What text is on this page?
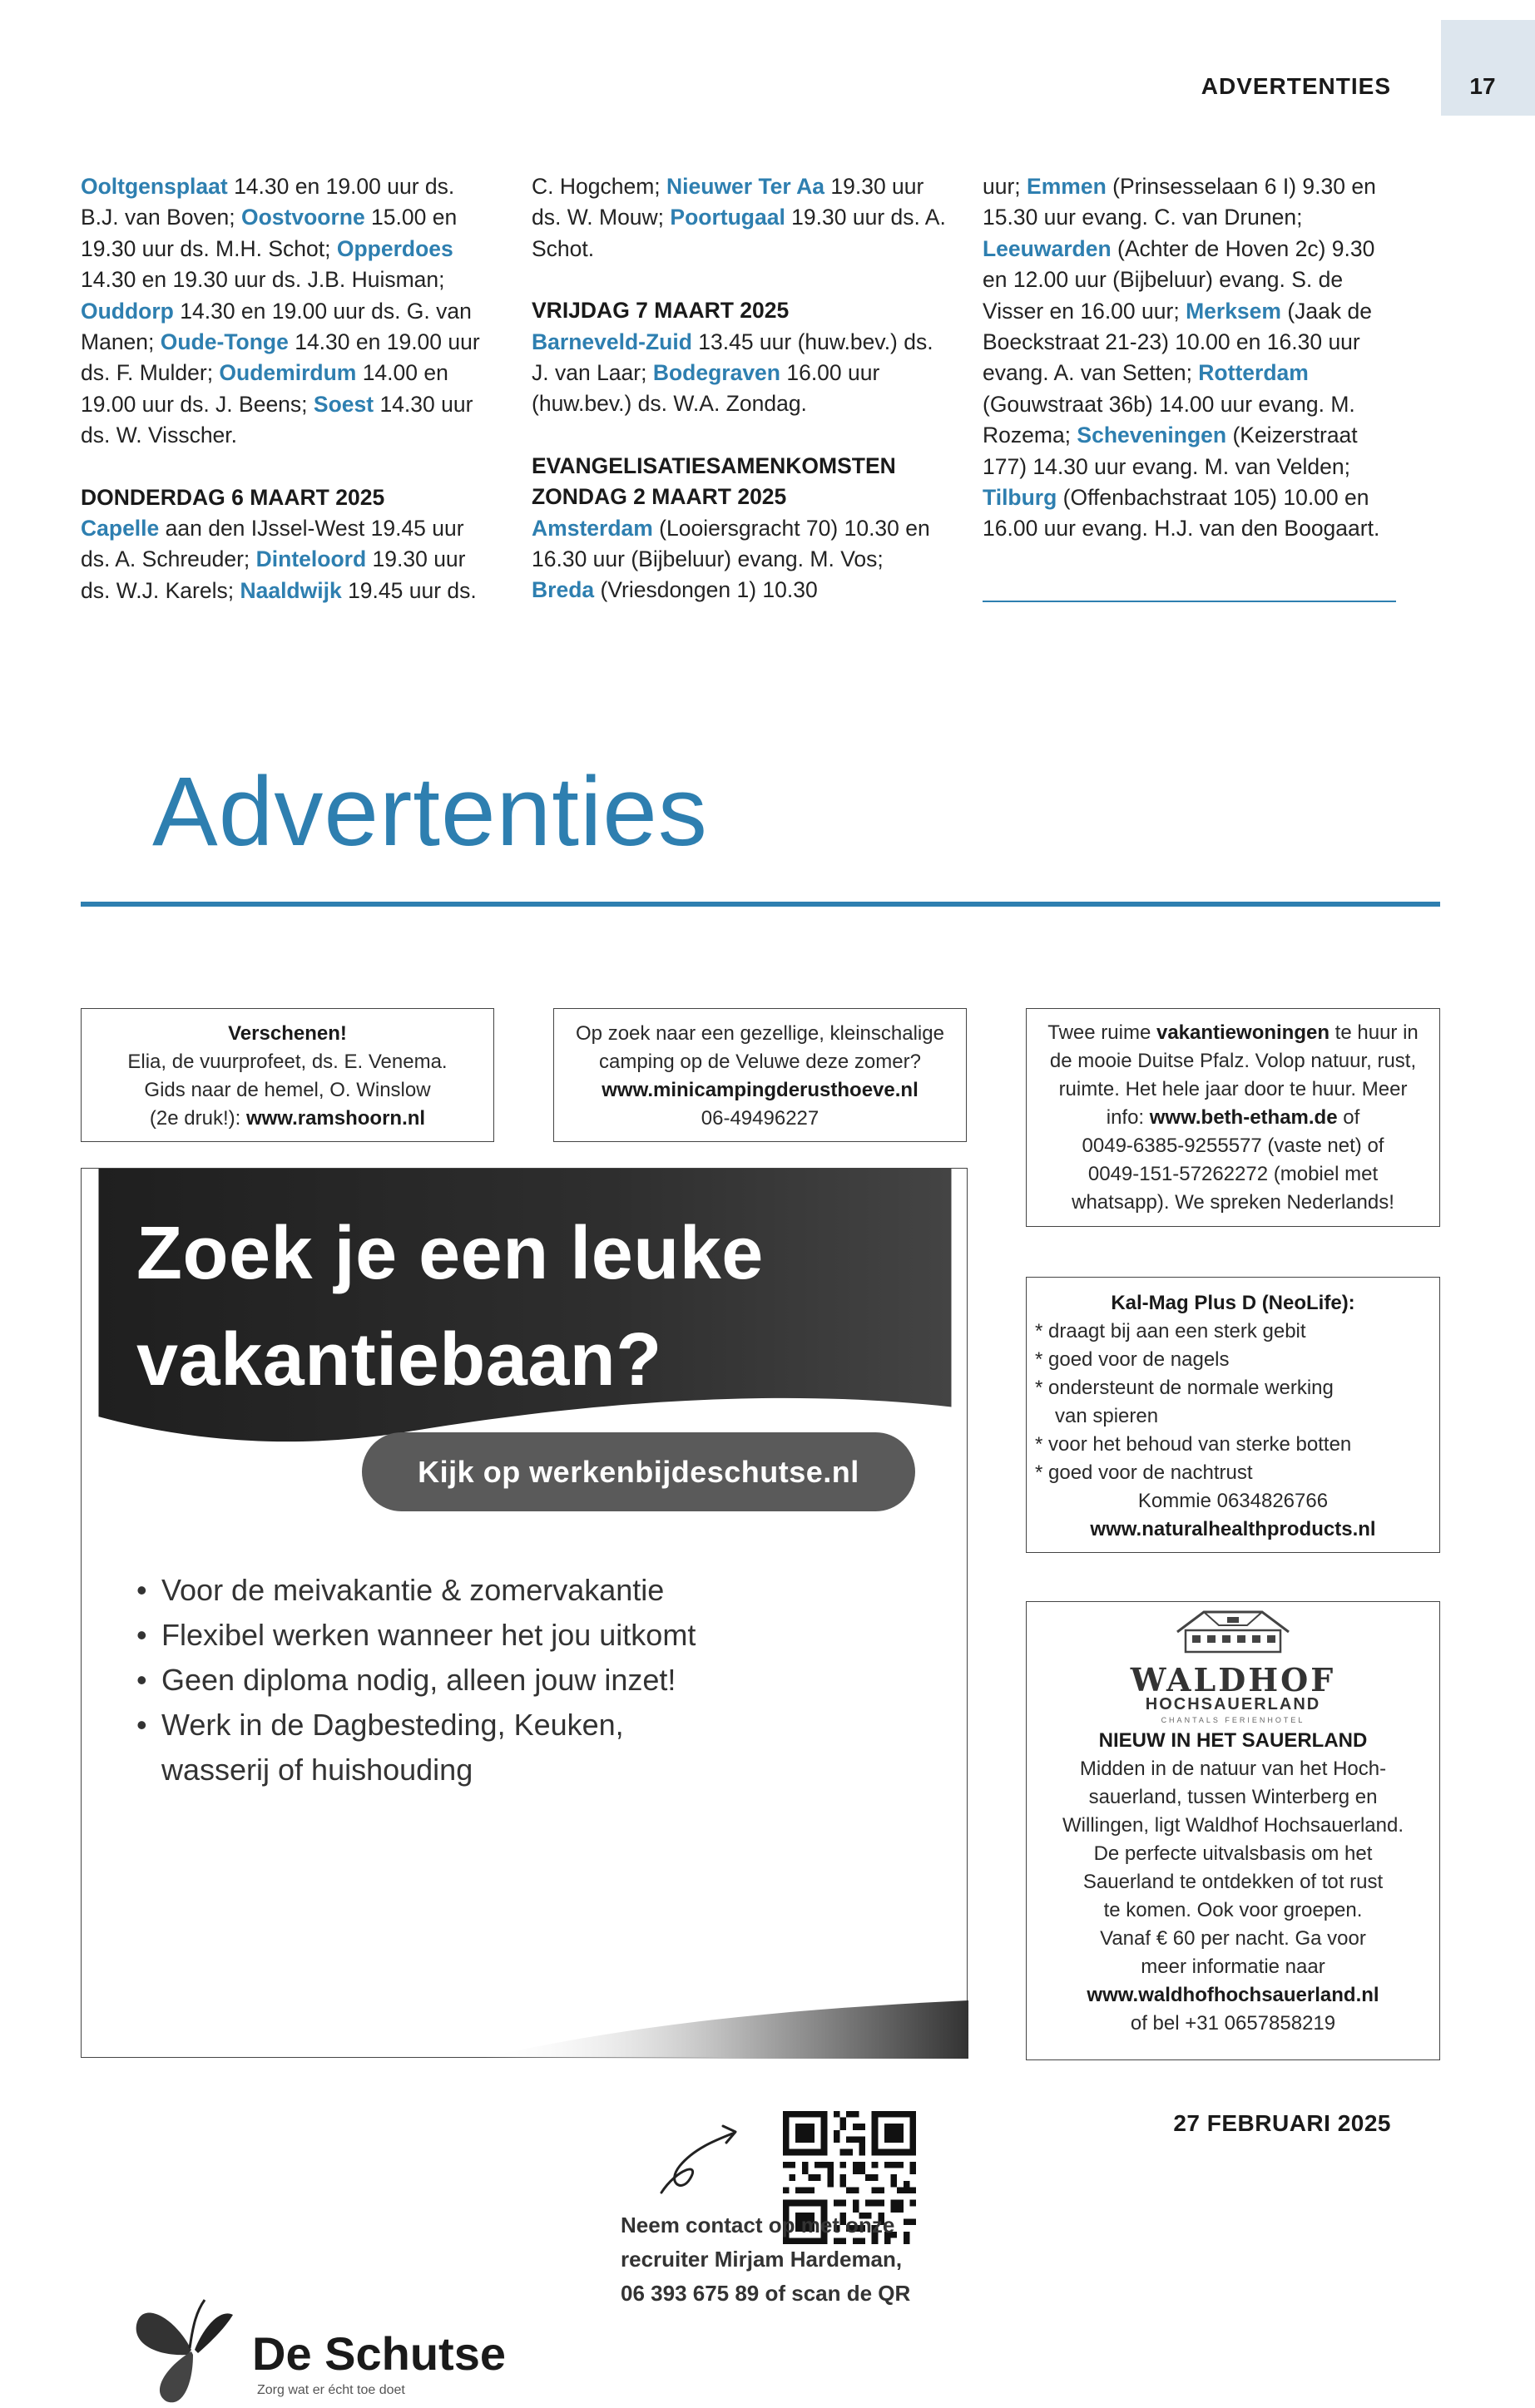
17
ADVERTENTIES

Ooltgensplaat 14.30 en 19.00 uur ds. B.J. van Boven; Oostvoorne 15.00 en 19.30 uur ds. M.H. Schot; Opperdoes 14.30 en 19.30 uur ds. J.B. Huisman; Ouddorp 14.30 en 19.00 uur ds. G. van Manen; Oude-Tonge 14.30 en 19.00 uur ds. F. Mulder; Oudemirdum 14.00 en 19.00 uur ds. J. Beens; Soest 14.30 uur ds. W. Visscher.

DONDERDAG 6 MAART 2025

Capelle aan den IJssel-West 19.45 uur ds. A. Schreuder; Dinteloord 19.30 uur ds. W.J. Karels; Naaldwijk 19.45 uur ds.

C. Hogchem; Nieuwer Ter Aa 19.30 uur ds. W. Mouw; Poortugaal 19.30 uur ds. A. Schot.

VRIJDAG 7 MAART 2025

Barneveld-Zuid 13.45 uur (huw.bev.) ds. J. van Laar; Bodegraven 16.00 uur (huw.bev.) ds. W.A. Zondag.

EVANGELISATIESAMENKOMSTEN ZONDAG 2 MAART 2025

Amsterdam (Looiersgracht 70) 10.30 en 16.30 uur (Bijbeluur) evang. M. Vos; Breda (Vriesdongen 1) 10.30

uur; Emmen (Prinsesselaan 6 I) 9.30 en 15.30 uur evang. C. van Drunen; Leeuwarden (Achter de Hoven 2c) 9.30 en 12.00 uur (Bijbeluur) evang. S. de Visser en 16.00 uur; Merksem (Jaak de Boeckstraat 21-23) 10.00 en 16.30 uur evang. A. van Setten; Rotterdam (Gouwstraat 36b) 14.00 uur evang. M. Rozema; Scheveningen (Keizerstraat 177) 14.30 uur evang. M. van Velden; Tilburg (Offenbachstraat 105) 10.00 en 16.00 uur evang. H.J. van den Boogaart.

Advertenties
Verschenen!
Elia, de vuurprofeet, ds. E. Venema.
Gids naar de hemel, O. Winslow
(2e druk!): www.ramshoorn.nl
Op zoek naar een gezellige, kleinschalige
camping op de Veluwe deze zomer?
www.minicampingderusthoeve.nl
06-49496227
Twee ruime vakantiewoningen te huur in
de mooie Duitse Pfalz. Volop natuur, rust,
ruimte. Het hele jaar door te huur. Meer
info: www.beth-etham.de of
0049-6385-9255577 (vaste net) of
0049-151-57262272 (mobiel met
whatsapp). We spreken Nederlands!
Kal-Mag Plus D (NeoLife):
* draagt bij aan een sterk gebit
* goed voor de nagels
* ondersteunt de normale werking
van spieren
* voor het behoud van sterke botten
* goed voor de nachtrust
Kommie 0634826766
www.naturalhealthproducts.nl
WALDHOF
HOCHSAUERLAND
CHANTALS FERIENHOTEL
NIEUW IN HET SAUERLAND
Midden in de natuur van het Hoch-
sauerland, tussen Winterberg en
Willingen, ligt Waldhof Hochsauerland.
De perfecte uitvalsbasis om het
Sauerland te ontdekken of tot rust
te komen. Ook voor groepen.
Vanaf € 60 per nacht. Ga voor
meer informatie naar
www.waldhofhochsauerland.nl
of bel +31 0657858219
Zoek je een leuke
vakantiebaan?
Kijk op werkenbijdeschutse.nl
• Voor de meivakantie & zomervakantie
• Flexibel werken wanneer het jou uitkomt
• Geen diploma nodig, alleen jouw inzet!
• Werk in de Dagbesteding, Keuken,
wasserij of huishouding
Neem contact op met onze
recruiter Mirjam Hardeman,
06 393 675 89 of scan de QR
De Schutse
Zorg wat er écht toe doet
27 FEBRUARI 2025
